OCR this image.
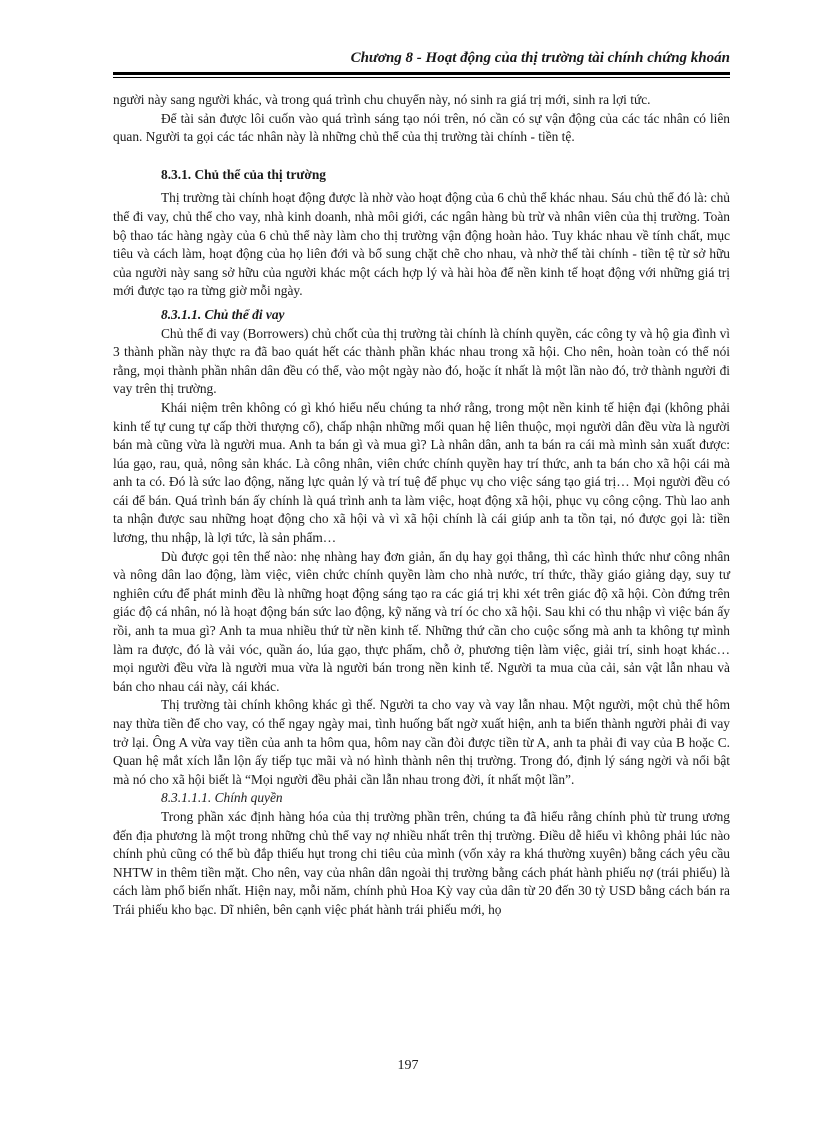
Chương 8 - Hoạt động của thị trường tài chính chứng khoán

người này sang người khác, và trong quá trình chu chuyển này, nó sinh ra giá trị mới, sinh ra lợi tức.

Để tài sản được lôi cuốn vào quá trình sáng tạo nói trên, nó cần có sự vận động của các tác nhân có liên quan. Người ta gọi các tác nhân này là những chủ thể của thị trường tài chính - tiền tệ.

8.3.1. Chủ thể của thị trường

Thị trường tài chính hoạt động được là nhờ vào hoạt động của 6 chủ thể khác nhau. Sáu chủ thể đó là: chủ thể đi vay, chủ thể cho vay, nhà kinh doanh, nhà môi giới, các ngân hàng bù trừ và nhân viên của thị trường. Toàn bộ thao tác hàng ngày của 6 chủ thể này làm cho thị trường vận động hoàn hảo. Tuy khác nhau về tính chất, mục tiêu và cách làm, hoạt động của họ liên đới và bổ sung chặt chẽ cho nhau, và nhờ thế tài chính - tiền tệ từ sở hữu của người này sang sở hữu của người khác một cách hợp lý và hài hòa để nền kinh tế hoạt động với những giá trị mới được tạo ra từng giờ mỗi ngày.

8.3.1.1. Chủ thể đi vay

Chủ thể đi vay (Borrowers) chủ chốt của thị trường tài chính là chính quyền, các công ty và hộ gia đình vì 3 thành phần này thực ra đã bao quát hết các thành phần khác nhau trong xã hội. Cho nên, hoàn toàn có thể nói rằng, mọi thành phần nhân dân đều có thể, vào một ngày nào đó, hoặc ít nhất là một lần nào đó, trở thành người đi vay trên thị trường.

Khái niệm trên không có gì khó hiểu nếu chúng ta nhớ rằng, trong một nền kinh tế hiện đại (không phải kinh tế tự cung tự cấp thời thượng cổ), chấp nhận những mối quan hệ liên thuộc, mọi người dân đều vừa là người bán mà cũng vừa là người mua. Anh ta bán gì và mua gì? Là nhân dân, anh ta bán ra cái mà mình sản xuất được: lúa gạo, rau, quả, nông sản khác. Là công nhân, viên chức chính quyền hay trí thức, anh ta bán cho xã hội cái mà anh ta có. Đó là sức lao động, năng lực quản lý và trí tuệ để phục vụ cho việc sáng tạo giá trị… Mọi người đều có cái để bán. Quá trình bán ấy chính là quá trình anh ta làm việc, hoạt động xã hội, phục vụ công cộng. Thù lao anh ta nhận được sau những hoạt động cho xã hội và vì xã hội chính là cái giúp anh ta tồn tại, nó được gọi là: tiền lương, thu nhập, là lợi tức, là sản phẩm…

Dù được gọi tên thế nào: nhẹ nhàng hay đơn giản, ẩn dụ hay gọi thẳng, thì các hình thức như công nhân và nông dân lao động, làm việc, viên chức chính quyền làm cho nhà nước, trí thức, thầy giáo giảng dạy, suy tư nghiên cứu để phát minh đều là những hoạt động sáng tạo ra các giá trị khi xét trên giác độ xã hội. Còn đứng trên giác độ cá nhân, nó là hoạt động bán sức lao động, kỹ năng và trí óc cho xã hội. Sau khi có thu nhập vì việc bán ấy rồi, anh ta mua gì? Anh ta mua nhiều thứ từ nền kinh tế. Những thứ cần cho cuộc sống mà anh ta không tự mình làm ra được, đó là vải vóc, quần áo, lúa gạo, thực phẩm, chỗ ở, phương tiện làm việc, giải trí, sinh hoạt khác… mọi người đều vừa là người mua vừa là người bán trong nền kinh tế. Người ta mua của cải, sản vật lẫn nhau và bán cho nhau cái này, cái khác.

Thị trường tài chính không khác gì thế. Người ta cho vay và vay lẫn nhau. Một người, một chủ thể hôm nay thừa tiền để cho vay, có thể ngay ngày mai, tình huống bất ngờ xuất hiện, anh ta biến thành người phải đi vay trở lại. Ông A vừa vay tiền của anh ta hôm qua, hôm nay cần đòi được tiền từ A, anh ta phải đi vay của B hoặc C. Quan hệ mắt xích lẫn lộn ấy tiếp tục mãi và nó hình thành nên thị trường. Trong đó, định lý sáng ngời và nổi bật mà nó cho xã hội biết là “Mọi người đều phải cần lẫn nhau trong đời, ít nhất một lần”.

8.3.1.1.1. Chính quyền

Trong phần xác định hàng hóa của thị trường phần trên, chúng ta đã hiểu rằng chính phủ từ trung ương đến địa phương là một trong những chủ thể vay nợ nhiều nhất trên thị trường. Điều dễ hiểu vì không phải lúc nào chính phủ cũng có thể bù đắp thiếu hụt trong chi tiêu của mình (vốn xảy ra khá thường xuyên) bằng cách yêu cầu NHTW in thêm tiền mặt. Cho nên, vay của nhân dân ngoài thị trường bằng cách phát hành phiếu nợ (trái phiếu) là cách làm phổ biến nhất. Hiện nay, mỗi năm, chính phủ Hoa Kỳ vay của dân từ 20 đến 30 tỷ USD bằng cách bán ra Trái phiếu kho bạc. Dĩ nhiên, bên cạnh việc phát hành trái phiếu mới, họ

197
